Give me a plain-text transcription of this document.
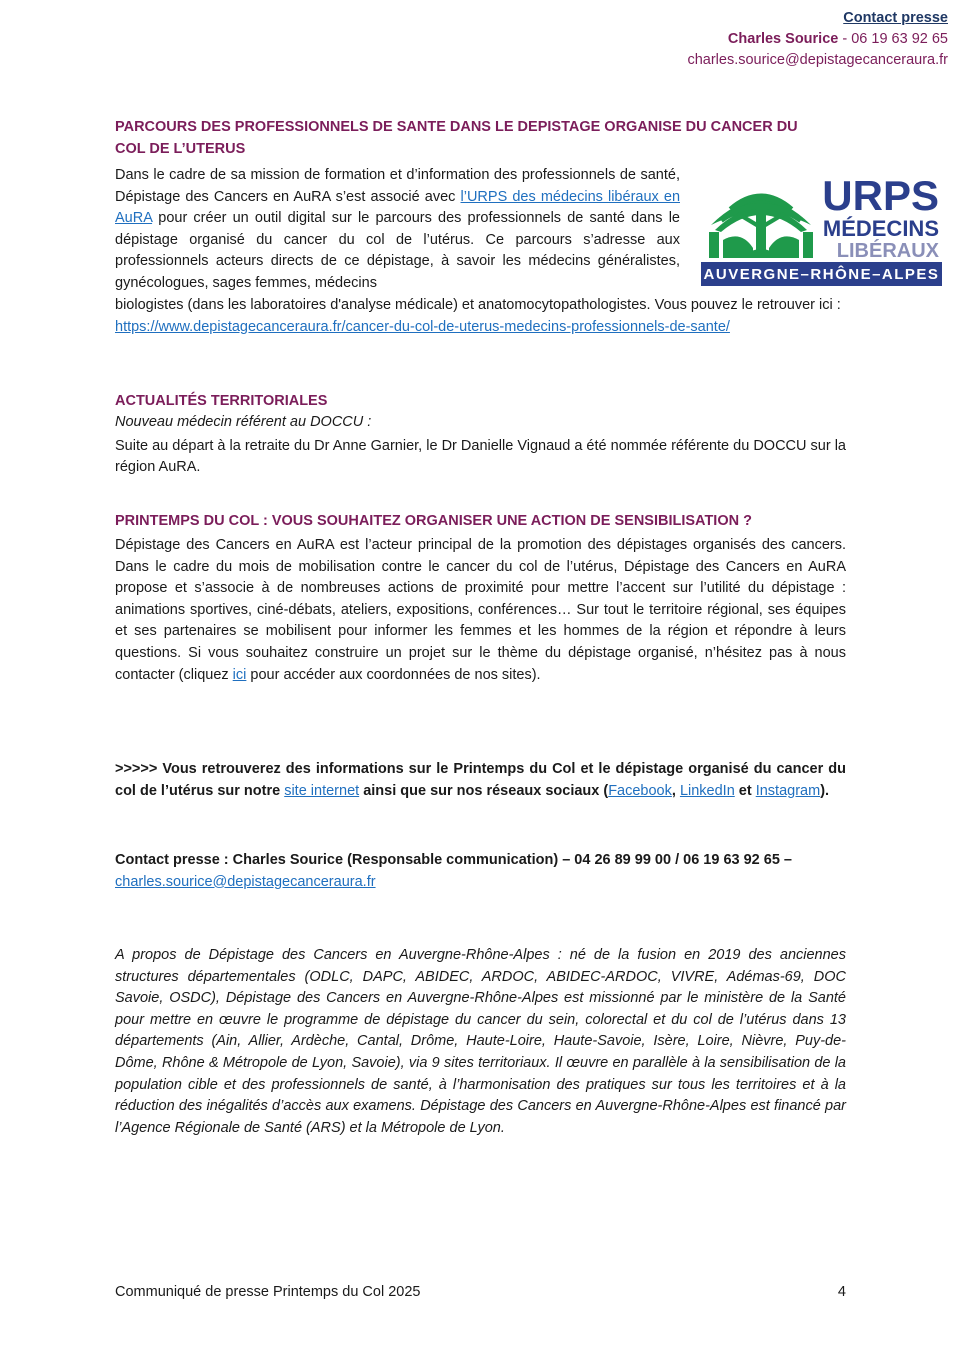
Contact presse
Charles Sourice - 06 19 63 92 65
charles.sourice@depistagecanceraura.fr
PARCOURS DES PROFESSIONNELS DE SANTE DANS LE DEPISTAGE ORGANISE DU CANCER DU
COL DE L’UTERUS

Dans le cadre de sa mission de formation et d’information des professionnels de santé, Dépistage des Cancers en AuRA s’est associé avec l’URPS des médecins libéraux en AuRA pour créer un outil digital sur le parcours des professionnels de santé dans le dépistage organisé du cancer du col de l’utérus. Ce parcours s’adresse aux professionnels acteurs directs de ce dépistage, à savoir les médecins généralistes, gynécologues, sages femmes, médecins

biologistes (dans les laboratoires d'analyse médicale) et anatomocytopathologistes. Vous pouvez le retrouver ici :

https://www.depistagecanceraura.fr/cancer-du-col-de-uterus-medecins-professionnels-de-sante/

AUVERGNE–RHÔNE–ALPES
URPS
MÉDECINS
LIBÉRAUX
ACTUALITÉS TERRITORIALES

Nouveau médecin référent au DOCCU :

Suite au départ à la retraite du Dr Anne Garnier, le Dr Danielle Vignaud a été nommée référente du DOCCU sur la région AuRA.

PRINTEMPS DU COL : VOUS SOUHAITEZ ORGANISER UNE ACTION DE SENSIBILISATION ?

Dépistage des Cancers en AuRA est l’acteur principal de la promotion des dépistages organisés des cancers. Dans le cadre du mois de mobilisation contre le cancer du col de l’utérus, Dépistage des Cancers en AuRA propose et s’associe à de nombreuses actions de proximité pour mettre l’accent sur l’utilité du dépistage : animations sportives, ciné-débats, ateliers, expositions, conférences… Sur tout le territoire régional, ses équipes et ses partenaires se mobilisent pour informer les femmes et les hommes de la région et répondre à leurs questions. Si vous souhaitez construire un projet sur le thème du dépistage organisé, n’hésitez pas à nous contacter (cliquez ici pour accéder aux coordonnées de nos sites).

>>>>> Vous retrouverez des informations sur le Printemps du Col et le dépistage organisé du cancer du col de l’utérus sur notre site internet ainsi que sur nos réseaux sociaux (Facebook, LinkedIn et Instagram).

Contact presse : Charles Sourice (Responsable communication) – 04 26 89 99 00 / 06 19 63 92 65 –

charles.sourice@depistagecanceraura.fr

A propos de Dépistage des Cancers en Auvergne-Rhône-Alpes : né de la fusion en 2019 des anciennes structures départementales (ODLC, DAPC, ABIDEC, ARDOC, ABIDEC-ARDOC, VIVRE, Adémas-69, DOC Savoie, OSDC), Dépistage des Cancers en Auvergne-Rhône-Alpes est missionné par le ministère de la Santé pour mettre en œuvre le programme de dépistage du cancer du sein, colorectal et du col de l’utérus dans 13 départements (Ain, Allier, Ardèche, Cantal, Drôme, Haute-Loire, Haute-Savoie, Isère, Loire, Nièvre, Puy-de-Dôme, Rhône & Métropole de Lyon, Savoie), via 9 sites territoriaux. Il œuvre en parallèle à la sensibilisation de la population cible et des professionnels de santé, à l’harmonisation des pratiques sur tous les territoires et à la réduction des inégalités d’accès aux examens. Dépistage des Cancers en Auvergne-Rhône-Alpes est financé par l’Agence Régionale de Santé (ARS) et la Métropole de Lyon.

Communiqué de presse Printemps du Col 2025	4
